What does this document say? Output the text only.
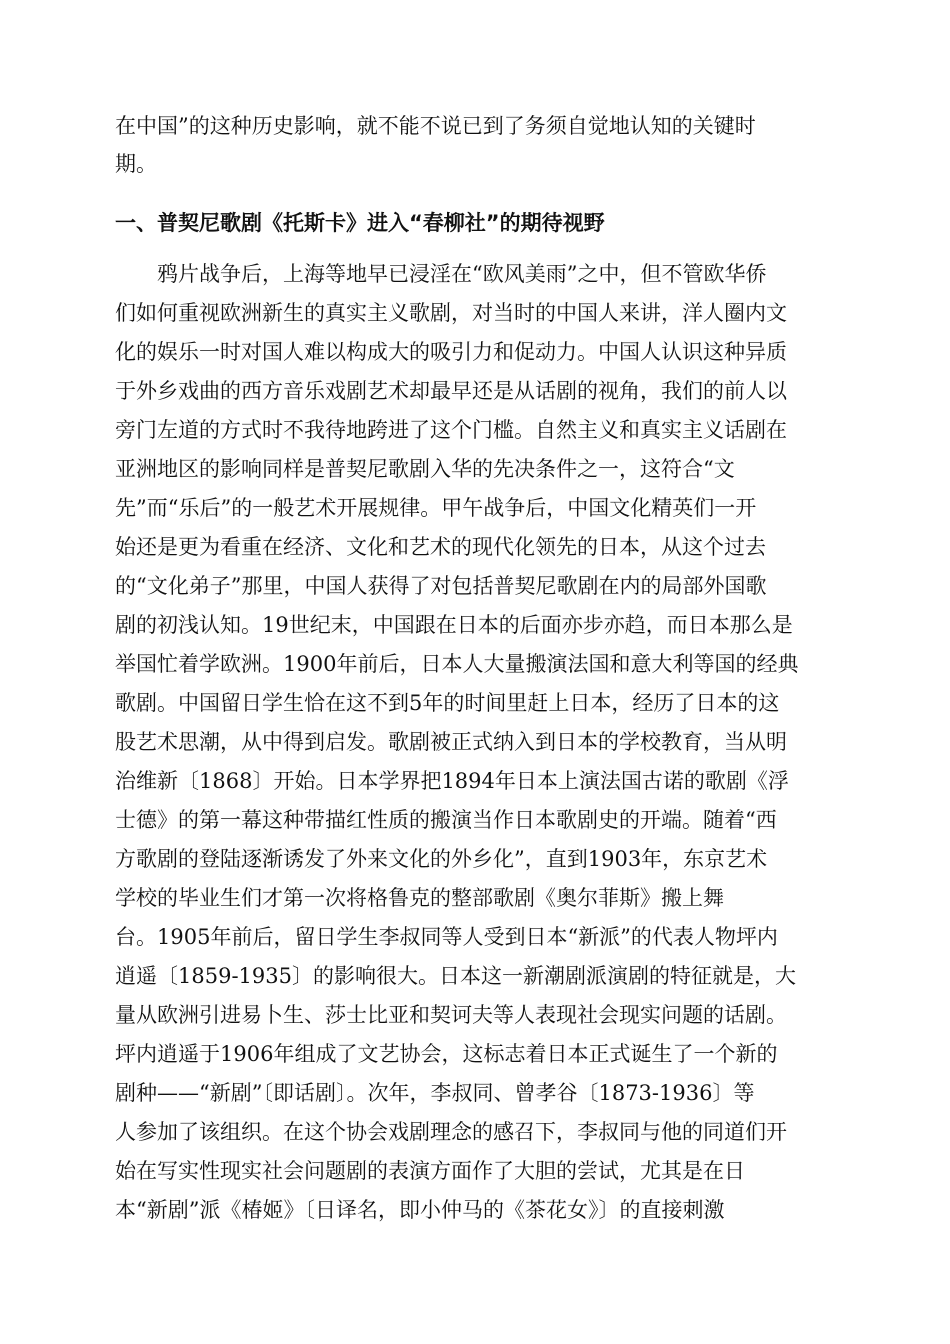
在中国”的这种历史影响，就不能不说已到了务须自觉地认知的关键时
期。
一、普契尼歌剧《托斯卡》进入“春柳社”的期待视野
　　鸦片战争后，上海等地早已浸淫在“欧风美雨”之中，但不管欧华侨
们如何重视欧洲新生的真实主义歌剧，对当时的中国人来讲，洋人圈内文
化的娱乐一时对国人难以构成大的吸引力和促动力。中国人认识这种异质
于外乡戏曲的西方音乐戏剧艺术却最早还是从话剧的视角，我们的前人以
旁门左道的方式时不我待地跨进了这个门槛。自然主义和真实主义话剧在
亚洲地区的影响同样是普契尼歌剧入华的先决条件之一，这符合“文
先”而“乐后”的一般艺术开展规律。甲午战争后，中国文化精英们一开
始还是更为看重在经济、文化和艺术的现代化领先的日本，从这个过去
的“文化弟子”那里，中国人获得了对包括普契尼歌剧在内的局部外国歌
剧的初浅认知。19世纪末，中国跟在日本的后面亦步亦趋，而日本那么是
举国忙着学欧洲。1900年前后，日本人大量搬演法国和意大利等国的经典
歌剧。中国留日学生恰在这不到5年的时间里赶上日本，经历了日本的这
股艺术思潮，从中得到启发。歌剧被正式纳入到日本的学校教育，当从明
治维新〔1868〕开始。日本学界把1894年日本上演法国古诺的歌剧《浮
士德》的第一幕这种带描红性质的搬演当作日本歌剧史的开端。随着“西
方歌剧的登陆逐渐诱发了外来文化的外乡化”，直到1903年，东京艺术
学校的毕业生们才第一次将格鲁克的整部歌剧《奥尔菲斯》搬上舞
台。1905年前后，留日学生李叔同等人受到日本“新派”的代表人物坪内
逍遥〔1859-1935〕的影响很大。日本这一新潮剧派演剧的特征就是，大
量从欧洲引进易卜生、莎士比亚和契诃夫等人表现社会现实问题的话剧。
坪内逍遥于1906年组成了文艺协会，这标志着日本正式诞生了一个新的
剧种——“新剧”〔即话剧〕。次年，李叔同、曾孝谷〔1873-1936〕等
人参加了该组织。在这个协会戏剧理念的感召下，李叔同与他的同道们开
始在写实性现实社会问题剧的表演方面作了大胆的尝试，尤其是在日
本“新剧”派《椿姬》〔日译名，即小仲马的《茶花女》〕的直接刺激
